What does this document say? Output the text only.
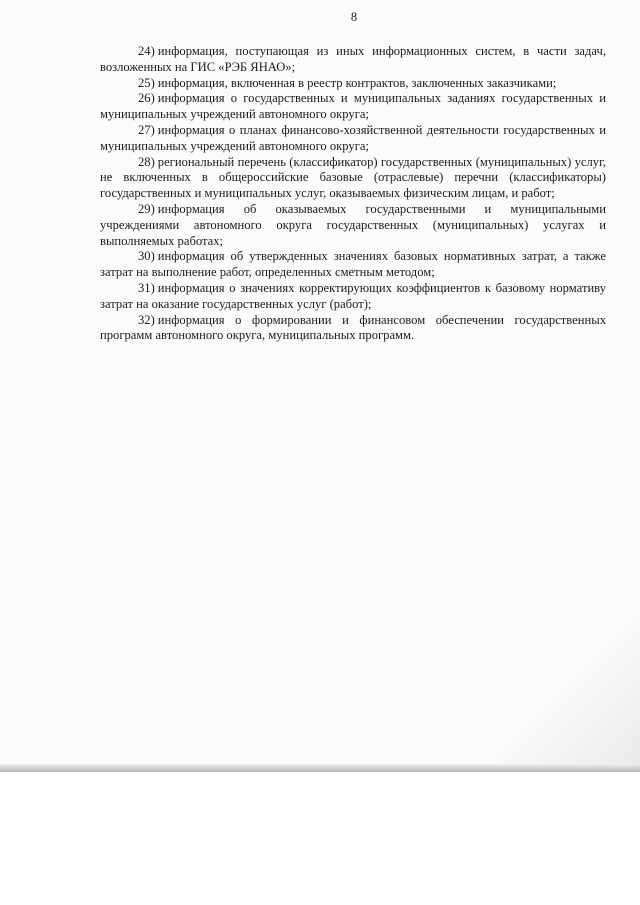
8

24) информация, поступающая из иных информационных систем, в части задач, возложенных на ГИС «РЭБ ЯНАО»;

25) информация, включенная в реестр контрактов, заключенных заказчиками;

26) информация о государственных и муниципальных заданиях государственных и муниципальных учреждений автономного округа;

27) информация о планах финансово-хозяйственной деятельности государственных и муниципальных учреждений автономного округа;

28) региональный перечень (классификатор) государственных (муниципальных) услуг, не включенных в общероссийские базовые (отраслевые) перечни (классификаторы) государственных и муниципальных услуг, оказываемых физическим лицам, и работ;

29) информация об оказываемых государственными и муниципальными учреждениями автономного округа государственных (муниципальных) услугах и выполняемых работах;

30) информация об утвержденных значениях базовых нормативных затрат, а также затрат на выполнение работ, определенных сметным методом;

31) информация о значениях корректирующих коэффициентов к базовому нормативу затрат на оказание государственных услуг (работ);

32) информация о формировании и финансовом обеспечении государственных программ автономного округа, муниципальных программ.
